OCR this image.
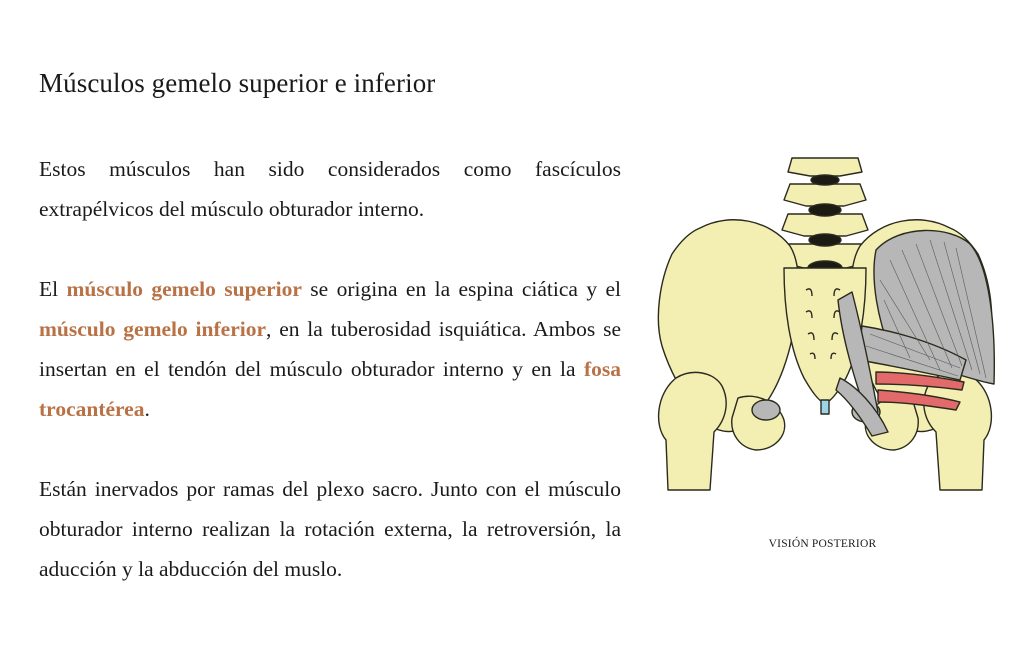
Músculos gemelo superior e inferior

Estos músculos han sido considerados como fascículos extrapélvicos del músculo obturador interno.

El músculo gemelo superior se origina en la espina ciática y el músculo gemelo inferior, en la tuberosidad isquiática. Ambos se insertan en el tendón del músculo obturador interno y en la fosa trocantérea.

Están inervados por ramas del plexo sacro. Junto con el músculo obturador interno realizan la rotación externa, la retroversión, la aducción y la abducción del muslo.

VISIÓN POSTERIOR
